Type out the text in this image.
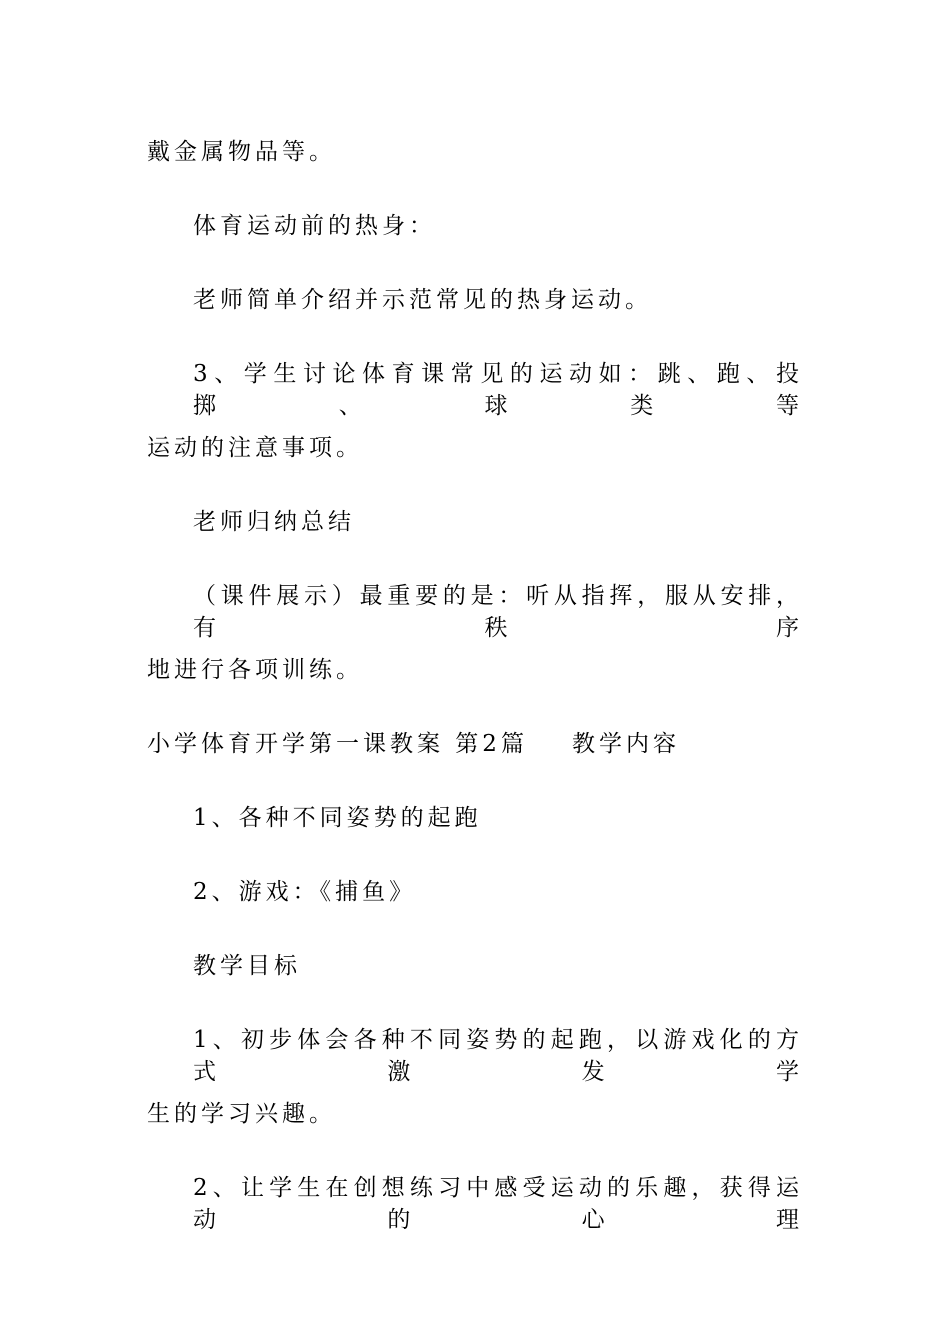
戴金属物品等。
体育运动前的热身：
老师简单介绍并示范常见的热身运动。
3、学生讨论体育课常见的运动如：跳、跑、投掷、球类等
运动的注意事项。
老师归纳总结
（课件展示）最重要的是：听从指挥，服从安排，有秩序
地进行各项训练。
小学体育开学第一课教案 第2篇 教学内容
1、各种不同姿势的起跑
2、游戏：《捕鱼》
教学目标
1、初步体会各种不同姿势的起跑，以游戏化的方式激发学
生的学习兴趣。
2、让学生在创想练习中感受运动的乐趣，获得运动的心理
